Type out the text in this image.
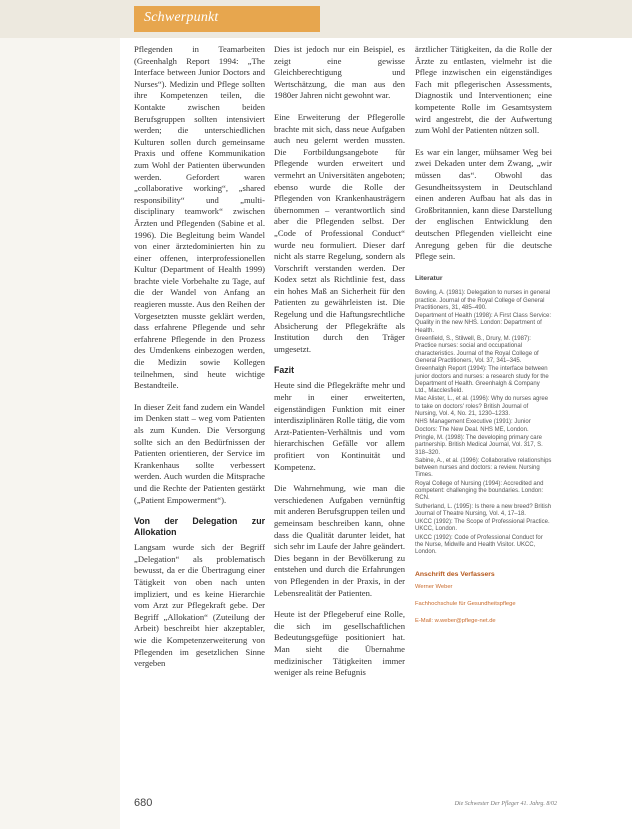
Schwerpunkt

Pflegenden in Teamarbeiten (Greenhalgh Report 1994: „The Interface between Junior Doctors and Nurses“). Medizin und Pflege sollten ihre Kompetenzen teilen, die Kontakte zwischen beiden Berufsgruppen sollten intensiviert werden; die unterschiedlichen Kulturen sollen durch gemeinsame Praxis und offene Kommunikation zum Wohl der Patienten überwunden werden. Gefordert waren „collaborative working“, „shared responsibility“ und „multi-disciplinary teamwork“ zwischen Ärzten und Pflegenden (Sabine et al. 1996). Die Begleitung beim Wandel von einer ärztedominierten hin zu einer offenen, interprofessionellen Kultur (Department of Health 1999) brachte viele Vorbehalte zu Tage, auf die der Wandel von Anfang an reagieren musste. Aus den Reihen der Vorgesetzten musste geklärt werden, dass erfahrene Pflegende und sehr erfahrene Pflegende in den Prozess des Umdenkens einbezogen werden, die Medizin sowie Kollegen teilnehmen, sind heute wichtige Bestandteile.

In dieser Zeit fand zudem ein Wandel im Denken statt – weg vom Patienten als zum Kunden. Die Versorgung sollte sich an den Bedürfnissen der Patienten orientieren, der Service im Krankenhaus sollte verbessert werden. Auch wurden die Mitsprache und die Rechte der Patienten gestärkt („Patient Empowerment“).

Von der Delegation zur Allokation

Langsam wurde sich der Begriff „Delegation“ als problematisch bewusst, da er die Übertragung einer Tätigkeit von oben nach unten impliziert, und es keine Hierarchie vom Arzt zur Pflegekraft gebe. Der Begriff „Allokation“ (Zuteilung der Arbeit) beschreibt hier akzeptabler, wie die Kompetenzerweiterung von Pflegenden im gesetzlichen Sinne vergeben

Dies ist jedoch nur ein Beispiel, es zeigt eine gewisse Gleichberechtigung und Wertschätzung, die man aus den 1980er Jahren nicht gewohnt war.

Eine Erweiterung der Pflegerolle brachte mit sich, dass neue Aufgaben auch neu gelernt werden mussten. Die Fortbildungsangebote für Pflegende wurden erweitert und vermehrt an Universitäten angeboten; ebenso wurde die Rolle der Pflegenden von Krankenhausträgern übernommen – verantwortlich sind aber die Pflegenden selbst. Der „Code of Professional Conduct“ wurde neu formuliert. Dieser darf nicht als starre Regelung, sondern als Vorschrift verstanden werden. Der Kodex setzt als Richtlinie fest, dass ein hohes Maß an Sicherheit für den Patienten zu gewährleisten ist. Die Regelung und die Haftungsrechtliche Absicherung der Pflegekräfte als Institution durch den Träger umgesetzt.

Fazit

Heute sind die Pflegekräfte mehr und mehr in einer erweiterten, eigenständigen Funktion mit einer interdisziplinären Rolle tätig, die vom Arzt-Patienten-Verhältnis und vom hierarchischen Gefälle vor allem profitiert von Kontinuität und Kompetenz.

Die Wahrnehmung, wie man die verschiedenen Aufgaben vernünftig mit anderen Berufsgruppen teilen und gemeinsam beschreiben kann, ohne dass die Qualität darunter leidet, hat sich sehr im Laufe der Jahre geändert. Dies begann in der Bevölkerung zu entstehen und durch die Erfahrungen von Pflegenden in der Praxis, in der Lebensrealität der Patienten.

Heute ist der Pflegeberuf eine Rolle, die sich im gesellschaftlichen Bedeutungsgefüge positioniert hat. Man sieht die Übernahme medizinischer Tätigkeiten immer weniger als reine Befugnis

ärztlicher Tätigkeiten, da die Rolle der Ärzte zu entlasten, vielmehr ist die Pflege inzwischen ein eigenständiges Fach mit pflegerischen Assessments, Diagnostik und Interventionen; eine kompetente Rolle im Gesamtsystem wird angestrebt, die der Aufwertung zum Wohl der Patienten nützen soll.

Es war ein langer, mühsamer Weg bei zwei Dekaden unter dem Zwang, „wir müssen das“. Obwohl das Gesundheitssystem in Deutschland einen anderen Aufbau hat als das in Großbritannien, kann diese Darstellung der englischen Entwicklung den deutschen Pflegenden vielleicht eine Anregung geben für die deutsche Pflege sein.

Literatur
Bowling, A. (1981): Delegation to nurses in general practice. Journal of the Royal College of General Practitioners, 31, 485–490.
Department of Health (1998): A First Class Service: Quality in the new NHS. London: Department of Health.
Greenfield, S., Stilwell, B., Drury, M. (1987): Practice nurses: social and occupational characteristics. Journal of the Royal College of General Practitioners, Vol. 37, 341–345.
Greenhalgh Report (1994): The interface between junior doctors and nurses: a research study for the Department of Health. Greenhalgh & Company Ltd., Macclesfield.
Mac Alister, L., et al. (1996): Why do nurses agree to take on doctors' roles? British Journal of Nursing, Vol. 4, No. 21, 1230–1233.
NHS Management Executive (1991): Junior Doctors: The New Deal. NHS ME, London.
Pringle, M. (1998): The developing primary care partnership. British Medical Journal, Vol. 317, S. 318–320.
Sabine, A., et al. (1996): Collaborative relationships between nurses and doctors: a review. Nursing Times.
Royal College of Nursing (1994): Accredited and competent: challenging the boundaries. London: RCN.
Sutherland, L. (1995): Is there a new breed? British Journal of Theatre Nursing, Vol. 4, 17–18.
UKCC (1992): The Scope of Professional Practice. UKCC, London.
UKCC (1992): Code of Professional Conduct for the Nurse, Midwife and Health Visitor. UKCC, London.
Anschrift des Verfassers

Werner Weber

Fachhochschule für Gesundheitspflege

E-Mail: w.weber@pflege-net.de

680	Die Schwester Der Pfleger 41. Jahrg. 8/02
